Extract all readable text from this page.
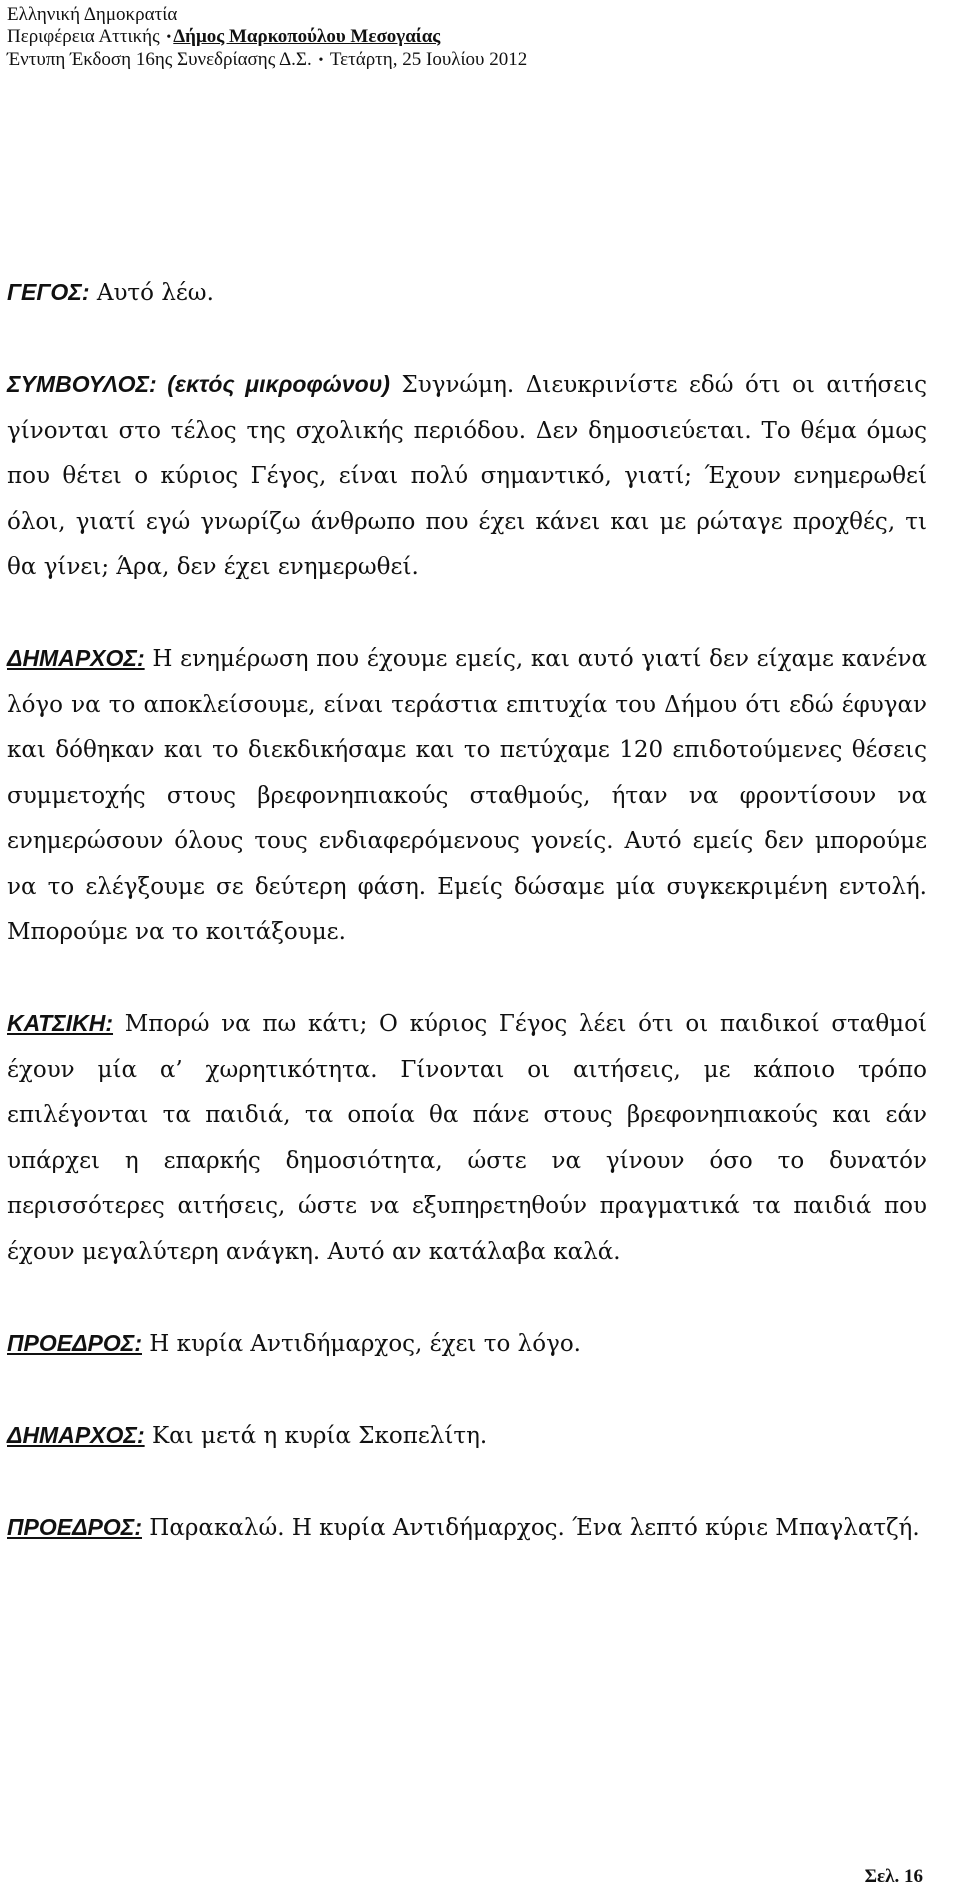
Ελληνική Δημοκρατία
Περιφέρεια Αττικής • Δήμος Μαρκοπούλου Μεσογαίας
Έντυπη Έκδοση 16ης Συνεδρίασης Δ.Σ. • Τετάρτη, 25 Ιουλίου 2012

ΓΕΓΟΣ: Αυτό λέω.

ΣΥΜΒΟΥΛΟΣ: (εκτός μικροφώνου) Συγνώμη. Διευκρινίστε εδώ ότι οι αιτήσεις γίνονται στο τέλος της σχολικής περιόδου. Δεν δημοσιεύεται. Το θέμα όμως που θέτει ο κύριος Γέγος, είναι πολύ σημαντικό, γιατί; Έχουν ενημερωθεί όλοι, γιατί εγώ γνωρίζω άνθρωπο που έχει κάνει και με ρώταγε προχθές, τι θα γίνει; Άρα, δεν έχει ενημερωθεί.

ΔΗΜΑΡΧΟΣ: Η ενημέρωση που έχουμε εμείς, και αυτό γιατί δεν είχαμε κανένα λόγο να το αποκλείσουμε, είναι τεράστια επιτυχία του Δήμου ότι εδώ έφυγαν και δόθηκαν και το διεκδικήσαμε και το πετύχαμε 120 επιδοτούμενες θέσεις συμμετοχής στους βρεφονηπιακούς σταθμούς, ήταν να φροντίσουν να ενημερώσουν όλους τους ενδιαφερόμενους γονείς. Αυτό εμείς δεν μπορούμε να το ελέγξουμε σε δεύτερη φάση. Εμείς δώσαμε μία συγκεκριμένη εντολή. Μπορούμε να το κοιτάξουμε.

ΚΑΤΣΙΚΗ: Μπορώ να πω κάτι; Ο κύριος Γέγος λέει ότι οι παιδικοί σταθμοί έχουν μία α’ χωρητικότητα. Γίνονται οι αιτήσεις, με κάποιο τρόπο επιλέγονται τα παιδιά, τα οποία θα πάνε στους βρεφονηπιακούς και εάν υπάρχει η επαρκής δημοσιότητα, ώστε να γίνουν όσο το δυνατόν περισσότερες αιτήσεις, ώστε να εξυπηρετηθούν πραγματικά τα παιδιά που έχουν μεγαλύτερη ανάγκη. Αυτό αν κατάλαβα καλά.

ΠΡΟΕΔΡΟΣ: Η κυρία Αντιδήμαρχος, έχει το λόγο.

ΔΗΜΑΡΧΟΣ: Και μετά η κυρία Σκοπελίτη.

ΠΡΟΕΔΡΟΣ: Παρακαλώ. Η κυρία Αντιδήμαρχος. Ένα λεπτό κύριε Μπαγλατζή.

Σελ. 16
